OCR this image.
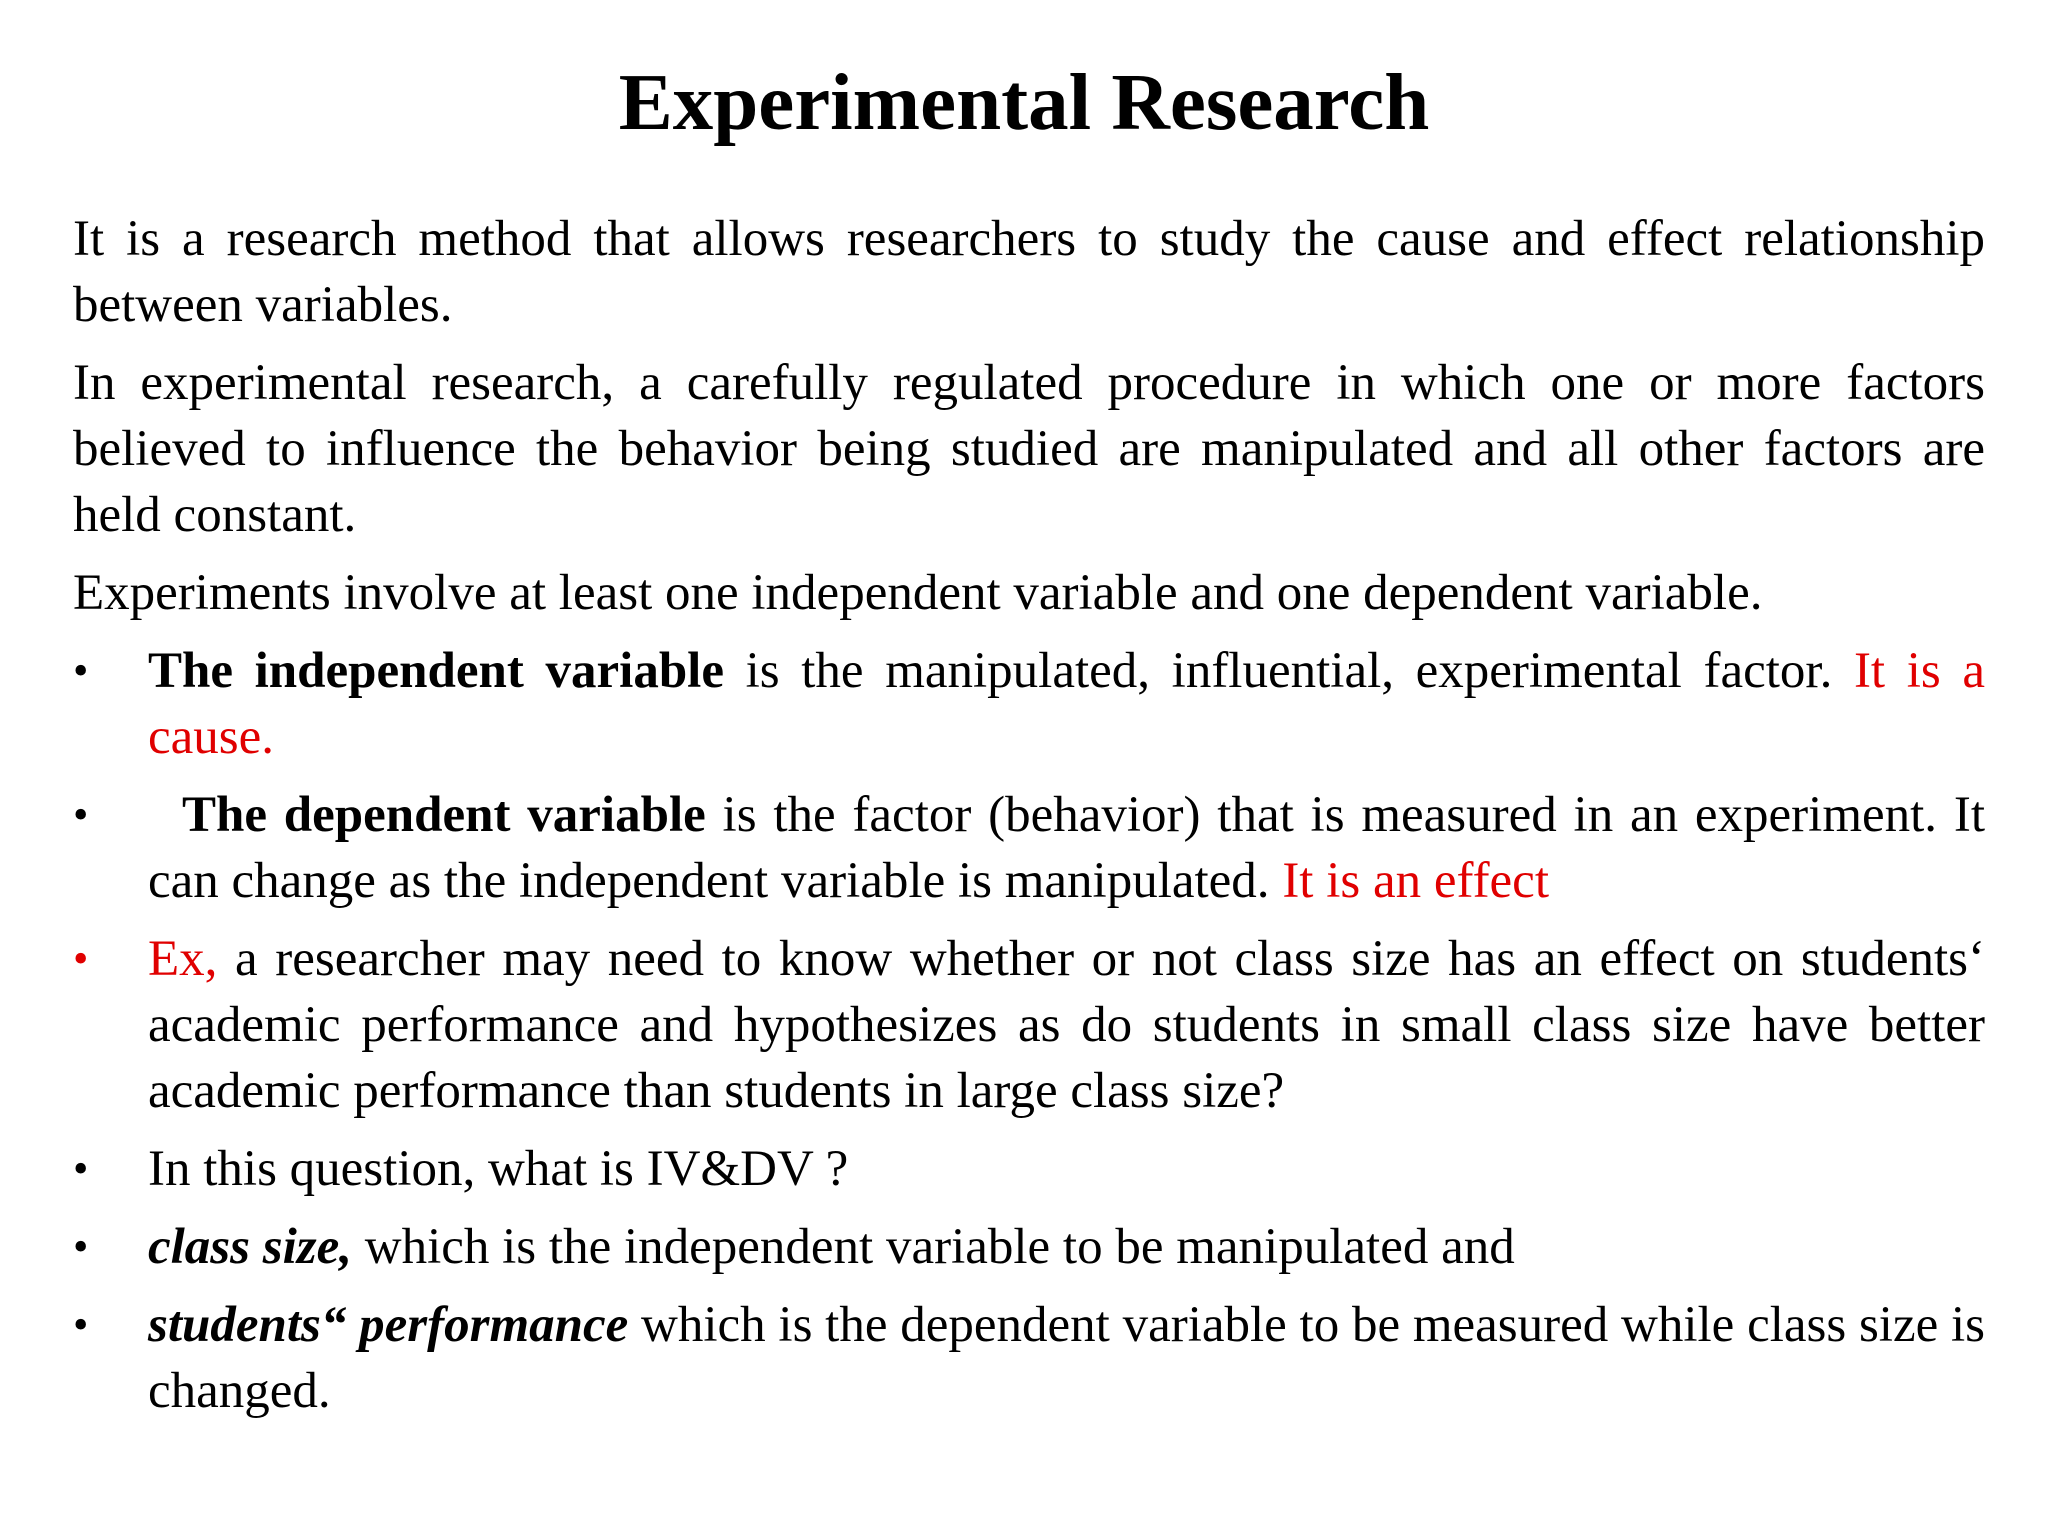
Experimental Research

It is a research method that allows researchers to study the cause and effect relationship between variables.

In experimental research, a carefully regulated procedure in which one or more factors believed to influence the behavior being studied are manipulated and all other factors are held constant.

Experiments involve at least one independent variable and one dependent variable.

•	The independent variable is the manipulated, influential, experimental factor. It is a cause.
•	The dependent variable is the factor (behavior) that is measured in an experiment. It can change as the independent variable is manipulated. It is an effect
•	Ex, a researcher may need to know whether or not class size has an effect on students‘ academic performance and hypothesizes as do students in small class size have better academic performance than students in large class size?
•	In this question, what is IV&DV ?
•	class size, which is the independent variable to be manipulated and
•	students“ performance which is the dependent variable to be measured while class size is changed.
